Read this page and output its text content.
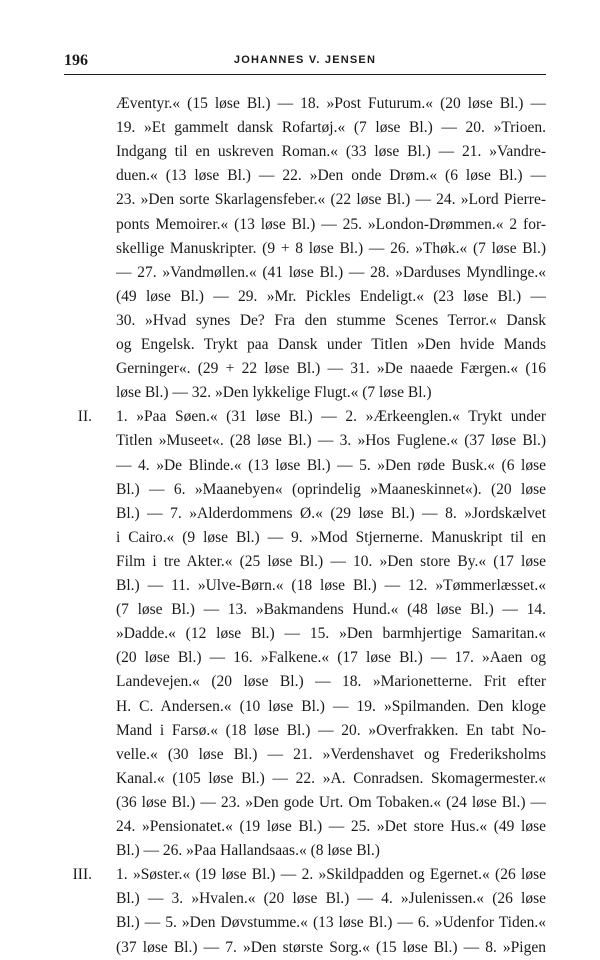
196	JOHANNES V. JENSEN
Æventyr.« (15 løse Bl.) — 18. »Post Futurum.« (20 løse Bl.) —
19. »Et gammelt dansk Rofartøj.« (7 løse Bl.) — 20. »Trioen.
Indgang til en uskreven Roman.« (33 løse Bl.) — 21. »Vandre-
duen.« (13 løse Bl.) — 22. »Den onde Drøm.« (6 løse Bl.) —
23. »Den sorte Skarlagensfeber.« (22 løse Bl.) — 24. »Lord Pierre-
ponts Memoirer.« (13 løse Bl.) — 25. »London-Drømmen.« 2 for-
skellige Manuskripter. (9 + 8 løse Bl.) — 26. »Thøk.« (7 løse Bl.)
— 27. »Vandmøllen.« (41 løse Bl.) — 28. »Darduses Myndlinge.«
(49 løse Bl.) — 29. »Mr. Pickles Endeligt.« (23 løse Bl.) —
30. »Hvad synes De? Fra den stumme Scenes Terror.« Dansk
og Engelsk. Trykt paa Dansk under Titlen »Den hvide Mands
Gerninger«. (29 + 22 løse Bl.) — 31. »De naaede Færgen.« (16
løse Bl.) — 32. »Den lykkelige Flugt.« (7 løse Bl.)
II. 1. »Paa Søen.« (31 løse Bl.) — 2. »Ærkeenglen.« Trykt under
Titlen »Museet«. (28 løse Bl.) — 3. »Hos Fuglene.« (37 løse Bl.)
— 4. »De Blinde.« (13 løse Bl.) — 5. »Den røde Busk.« (6 løse
Bl.) — 6. »Maanebyen« (oprindelig »Maaneskinnet«). (20 løse
Bl.) — 7. »Alderdommens Ø.« (29 løse Bl.) — 8. »Jordskælvet
i Cairo.« (9 løse Bl.) — 9. »Mod Stjernerne. Manuskript til en
Film i tre Akter.« (25 løse Bl.) — 10. »Den store By.« (17 løse
Bl.) — 11. »Ulve-Børn.« (18 løse Bl.) — 12. »Tømmerlæsset.«
(7 løse Bl.) — 13. »Bakmandens Hund.« (48 løse Bl.) — 14.
»Dadde.« (12 løse Bl.) — 15. »Den barmhjertige Samaritan.«
(20 løse Bl.) — 16. »Falkene.« (17 løse Bl.) — 17. »Aaen og
Landevejen.« (20 løse Bl.) — 18. »Marionetterne. Frit efter
H. C. Andersen.« (10 løse Bl.) — 19. »Spilmanden. Den kloge
Mand i Farsø.« (18 løse Bl.) — 20. »Overfrakken. En tabt No-
velle.« (30 løse Bl.) — 21. »Verdenshavet og Frederiksholms
Kanal.« (105 løse Bl.) — 22. »A. Conradsen. Skomagermester.«
(36 løse Bl.) — 23. »Den gode Urt. Om Tobaken.« (24 løse Bl.) —
24. »Pensionatet.« (19 løse Bl.) — 25. »Det store Hus.« (49 løse
Bl.) — 26. »Paa Hallandsaas.« (8 løse Bl.)
III. 1. »Søster.« (19 løse Bl.) — 2. »Skildpadden og Egernet.« (26 løse
Bl.) — 3. »Hvalen.« (20 løse Bl.) — 4. »Julenissen.« (26 løse
Bl.) — 5. »Den Døvstumme.« (13 løse Bl.) — 6. »Udenfor Tiden.«
(37 løse Bl.) — 7. »Den største Sorg.« (15 løse Bl.) — 8. »Pigen
